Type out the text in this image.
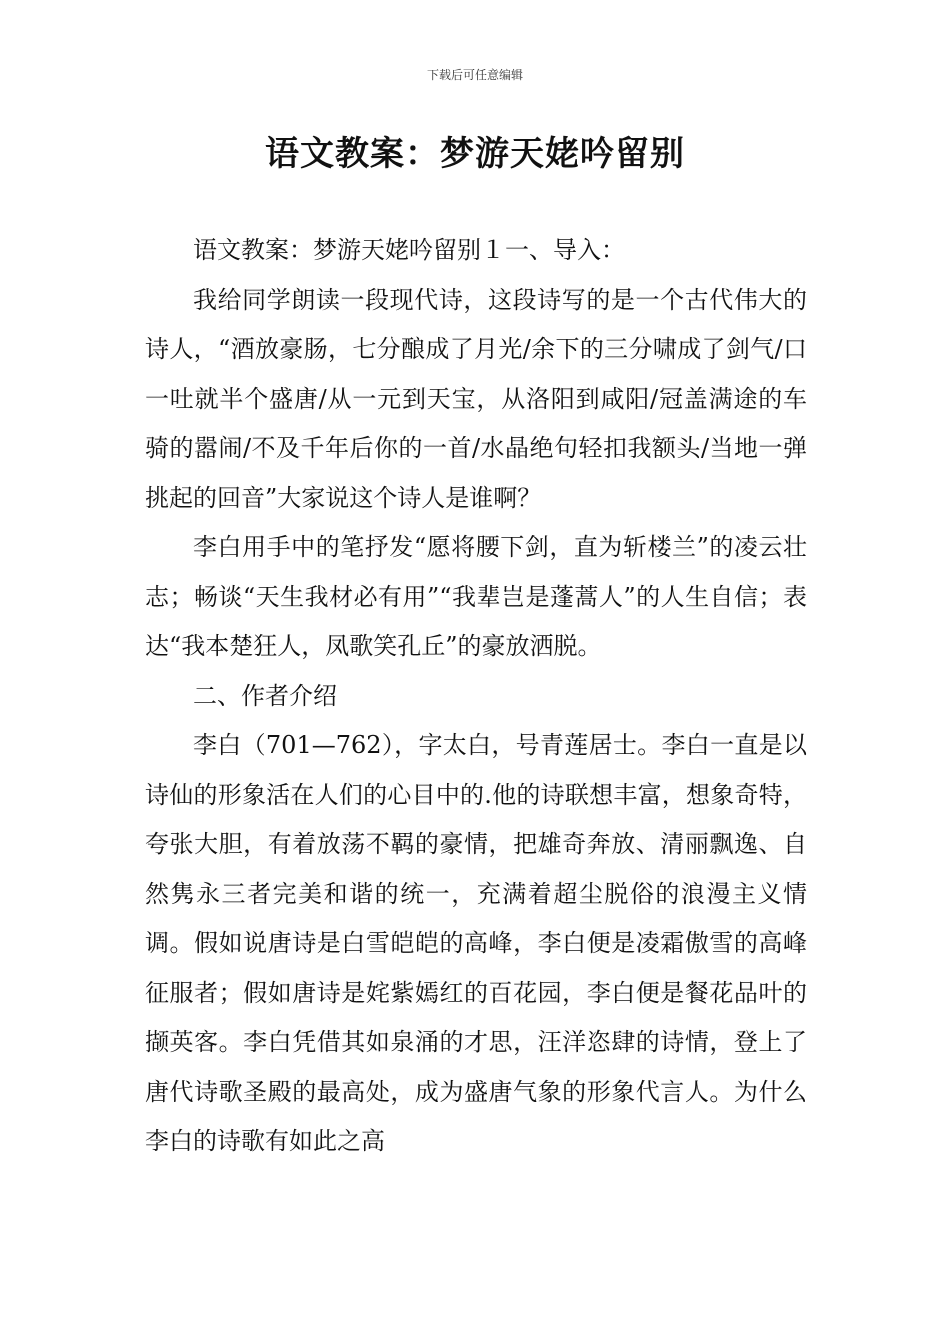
下载后可任意编辑
语文教案：梦游天姥吟留别

语文教案：梦游天姥吟留别１一、导入：

我给同学朗读一段现代诗，这段诗写的是一个古代伟大的诗人，“酒放豪肠，七分酿成了月光/余下的三分啸成了剑气/口一吐就半个盛唐/从一元到天宝，从洛阳到咸阳/冠盖满途的车骑的嚣闹/不及千年后你的一首/水晶绝句轻扣我额头/当地一弹挑起的回音”大家说这个诗人是谁啊？

李白用手中的笔抒发“愿将腰下剑，直为斩楼兰”的凌云壮志；畅谈“天生我材必有用”“我辈岂是蓬蒿人”的人生自信；表达“我本楚狂人，凤歌笑孔丘”的豪放洒脱。

二、作者介绍

李白（701—762），字太白，号青莲居士。李白一直是以诗仙的形象活在人们的心目中的.他的诗联想丰富，想象奇特，夸张大胆，有着放荡不羁的豪情，把雄奇奔放、清丽飘逸、自然隽永三者完美和谐的统一，充满着超尘脱俗的浪漫主义情调。假如说唐诗是白雪皑皑的高峰，李白便是凌霜傲雪的高峰征服者；假如唐诗是姹紫嫣红的百花园，李白便是餐花品叶的撷英客。李白凭借其如泉涌的才思，汪洋恣肆的诗情，登上了唐代诗歌圣殿的最高处，成为盛唐气象的形象代言人。为什么李白的诗歌有如此之高
